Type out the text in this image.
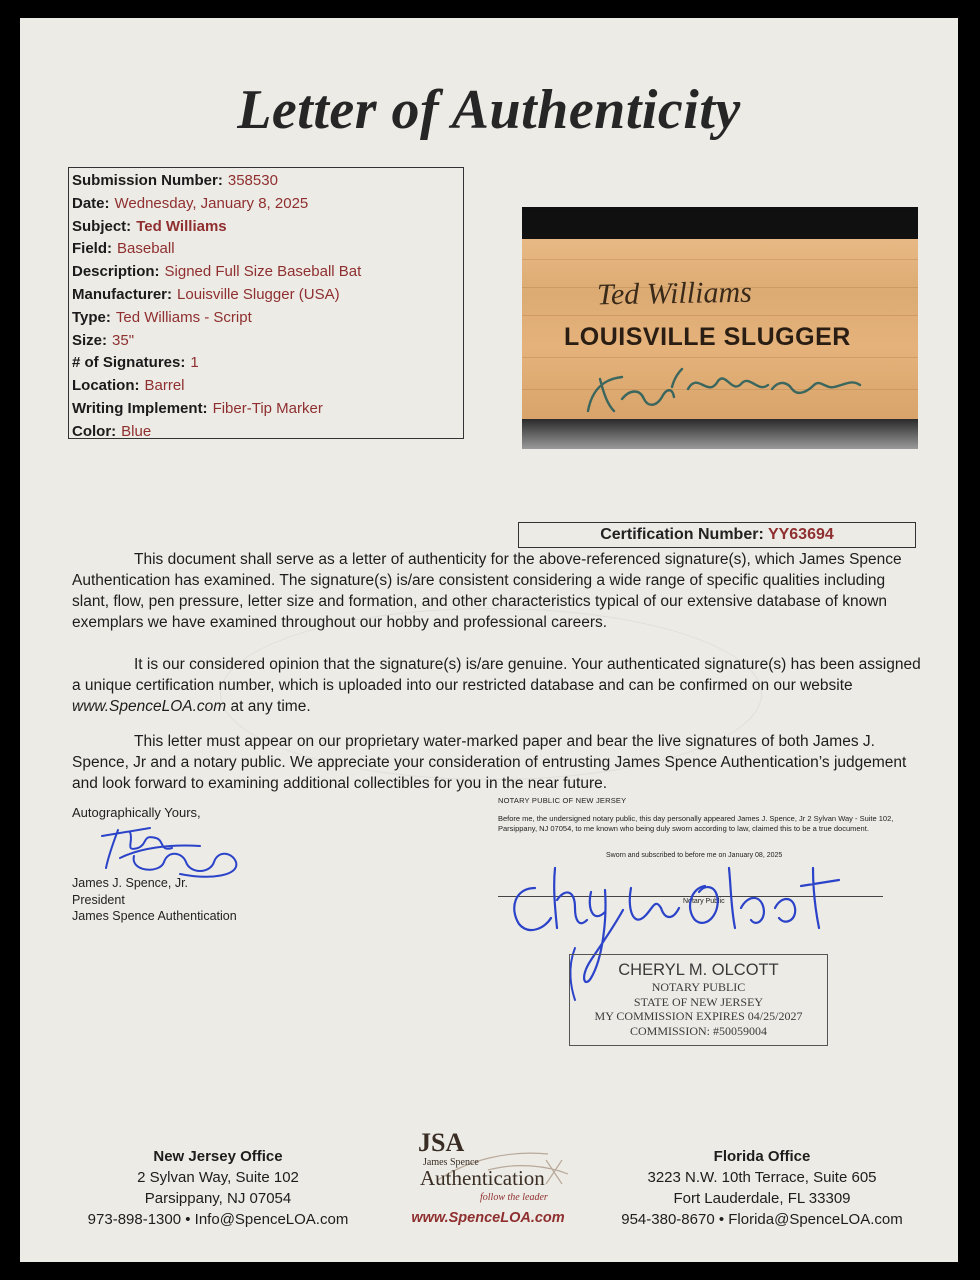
Letter of Authenticity
Submission Number: 358530
Date: Wednesday, January 8, 2025
Subject: Ted Williams
Field: Baseball
Description: Signed Full Size Baseball Bat
Manufacturer: Louisville Slugger (USA)
Type: Ted Williams - Script
Size: 35"
# of Signatures: 1
Location: Barrel
Writing Implement: Fiber-Tip Marker
Color: Blue
Ted Williams
LOUISVILLE SLUGGER
Certification Number: YY63694
This document shall serve as a letter of authenticity for the above-referenced signature(s), which James Spence Authentication has examined. The signature(s) is/are consistent considering a wide range of specific qualities including slant, flow, pen pressure, letter size and formation, and other characteristics typical of our extensive database of known exemplars we have examined throughout our hobby and professional careers.
It is our considered opinion that the signature(s) is/are genuine. Your authenticated signature(s) has been assigned a unique certification number, which is uploaded into our restricted database and can be confirmed on our website www.SpenceLOA.com at any time.
This letter must appear on our proprietary water-marked paper and bear the live signatures of both James J. Spence, Jr and a notary public. We appreciate your consideration of entrusting James Spence Authentication’s judgement and look forward to examining additional collectibles for you in the near future.
Autographically Yours,
James J. Spence, Jr.
President
James Spence Authentication
NOTARY PUBLIC OF NEW JERSEY
Before me, the undersigned notary public, this day personally appeared James J. Spence, Jr 2 Sylvan Way - Suite 102, Parsippany, NJ 07054, to me known who being duly sworn according to law, claimed this to be a true document.
Sworn and subscribed to before me on January 08, 2025
Notary Public
CHERYL M. OLCOTT
NOTARY PUBLIC
STATE OF NEW JERSEY
MY COMMISSION EXPIRES 04/25/2027
COMMISSION: #50059004
New Jersey Office
2 Sylvan Way, Suite 102
Parsippany, NJ 07054
973-898-1300 • Info@SpenceLOA.com
JSA
James Spence
Authentication
follow the leader
www.SpenceLOA.com
Florida Office
3223 N.W. 10th Terrace, Suite 605
Fort Lauderdale, FL 33309
954-380-8670 • Florida@SpenceLOA.com
